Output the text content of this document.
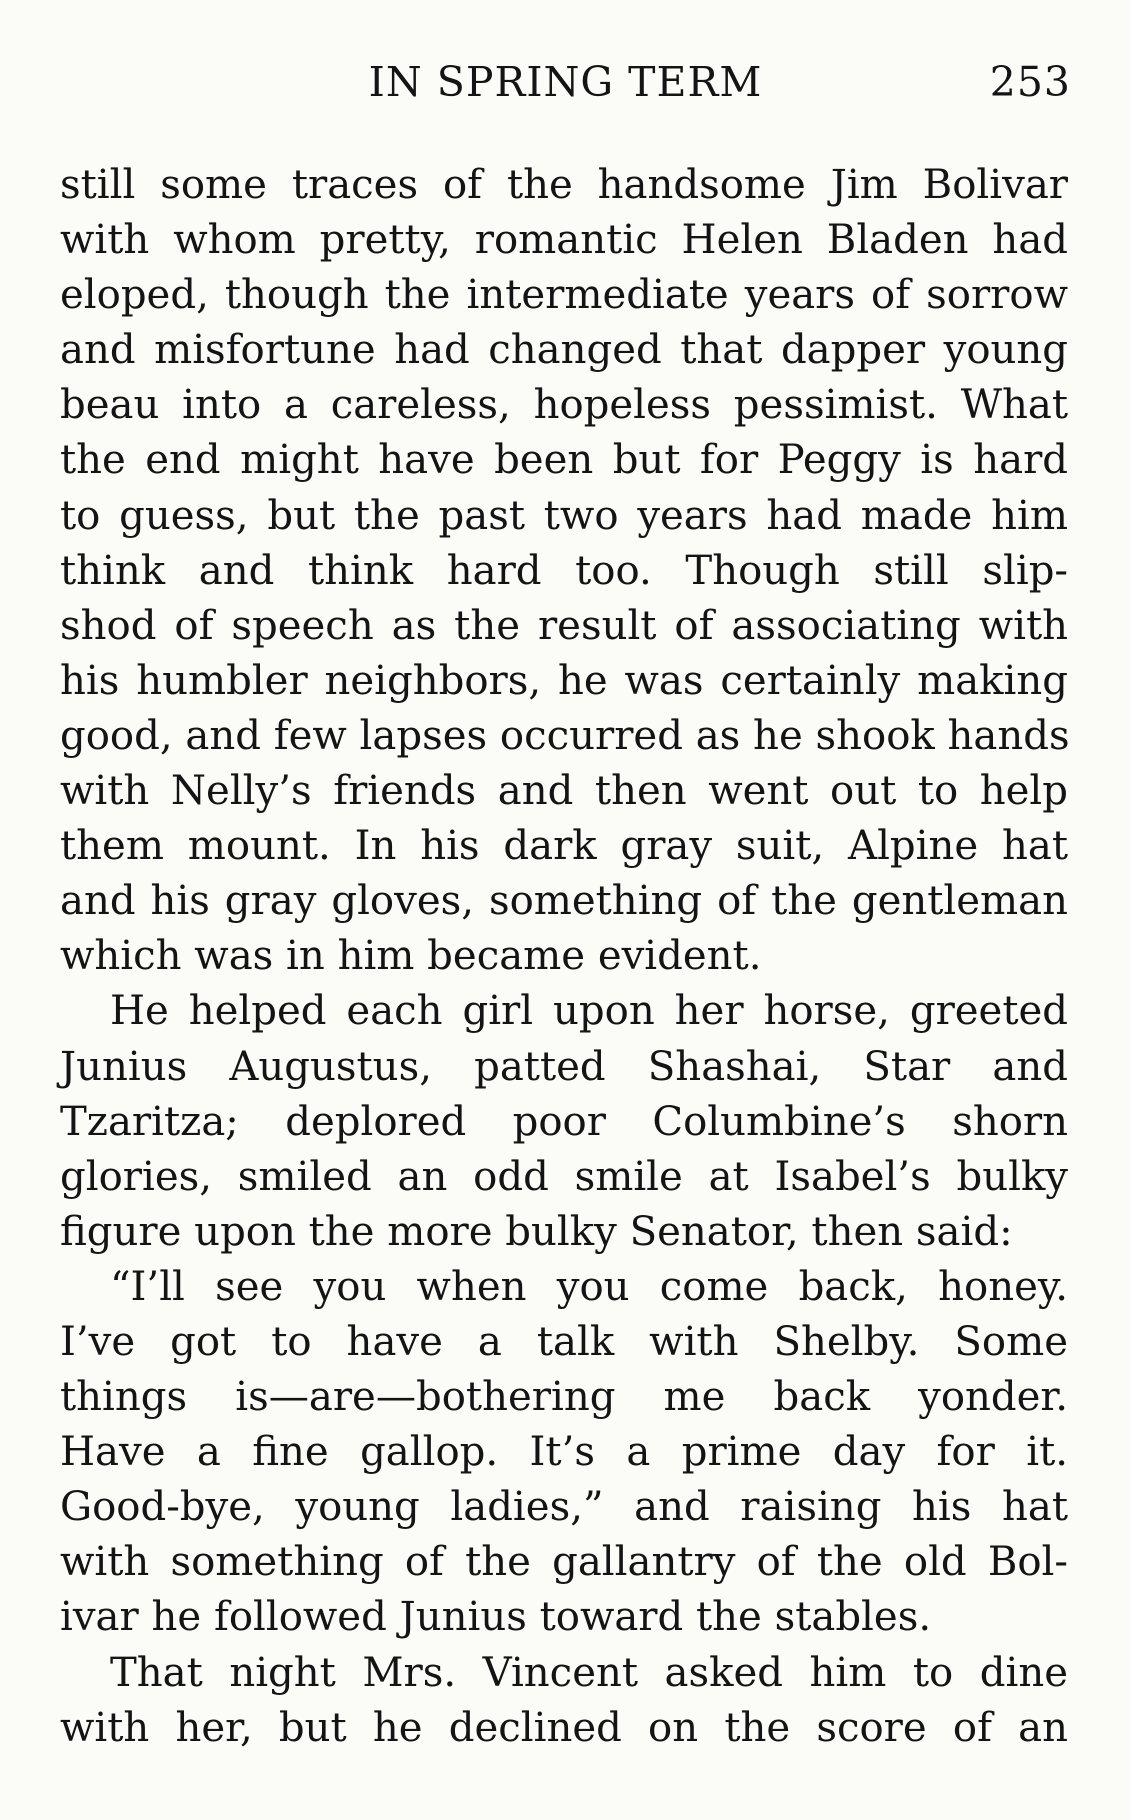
IN SPRING TERM	253
still some traces of the handsome Jim Bolivar
with whom pretty, romantic Helen Bladen had
eloped, though the intermediate years of sorrow
and misfortune had changed that dapper young
beau into a careless, hopeless pessimist. What
the end might have been but for Peggy is hard
to guess, but the past two years had made him
think and think hard too. Though still slip-
shod of speech as the result of associating with
his humbler neighbors, he was certainly making
good, and few lapses occurred as he shook hands
with Nelly’s friends and then went out to help
them mount. In his dark gray suit, Alpine hat
and his gray gloves, something of the gentleman
which was in him became evident.
He helped each girl upon her horse, greeted
Junius Augustus, patted Shashai, Star and
Tzaritza; deplored poor Columbine’s shorn
glories, smiled an odd smile at Isabel’s bulky
figure upon the more bulky Senator, then said:
“I’ll see you when you come back, honey.
I’ve got to have a talk with Shelby. Some
things is—are—bothering me back yonder.
Have a fine gallop. It’s a prime day for it.
Good-bye, young ladies,” and raising his hat
with something of the gallantry of the old Bol-
ivar he followed Junius toward the stables.
That night Mrs. Vincent asked him to dine
with her, but he declined on the score of an
